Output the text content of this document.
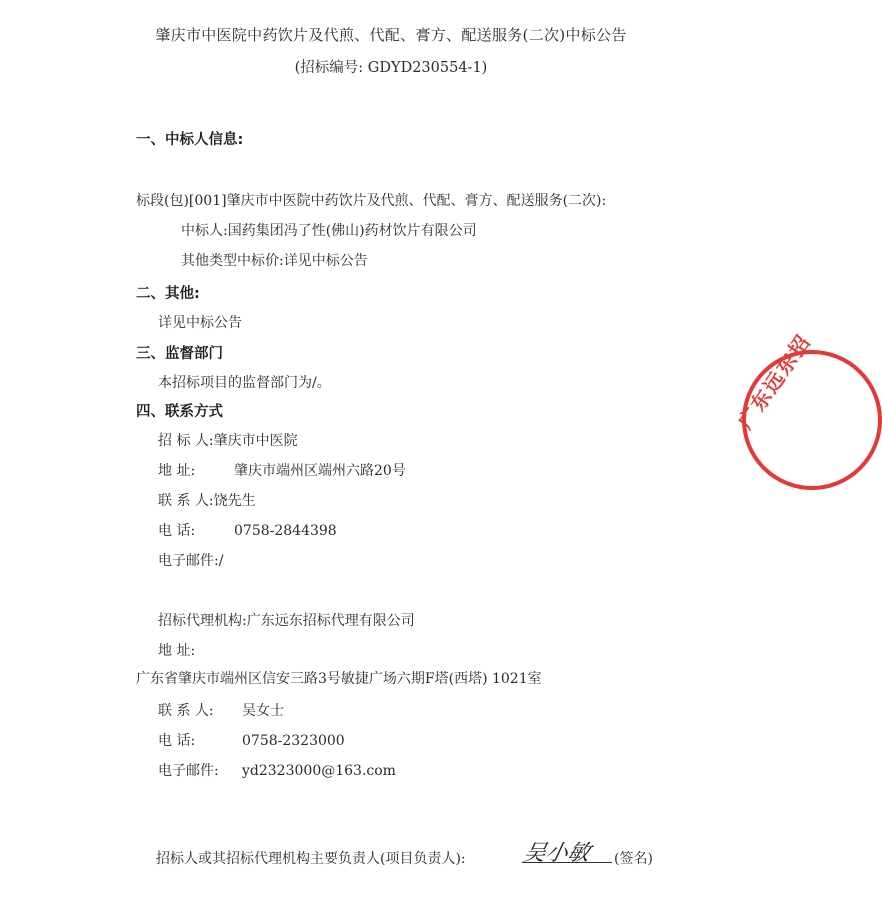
肇庆市中医院中药饮片及代煎、代配、膏方、配送服务(二次)中标公告
(招标编号: GDYD230554-1)
一、中标人信息:
标段(包)[001]肇庆市中医院中药饮片及代煎、代配、膏方、配送服务(二次):
中标人:国药集团冯了性(佛山)药材饮片有限公司
其他类型中标价:详见中标公告
二、其他:
详见中标公告
三、监督部门
本招标项目的监督部门为/。
四、联系方式
招 标 人:肇庆市中医院
地 址:	肇庆市端州区端州六路20号
联 系 人:饶先生
电 话:	0758-2844398
电子邮件:/
招标代理机构:广东远东招标代理有限公司
地 址:
广东省肇庆市端州区信安三路3号敏捷广场六期F塔(西塔) 1021室
联 系 人: 吴女士
电 话:	0758-2323000
电子邮件: yd2323000@163.com
招标人或其招标代理机构主要负责人(项目负责人):	吴小敏 (签名)
广东远东招
